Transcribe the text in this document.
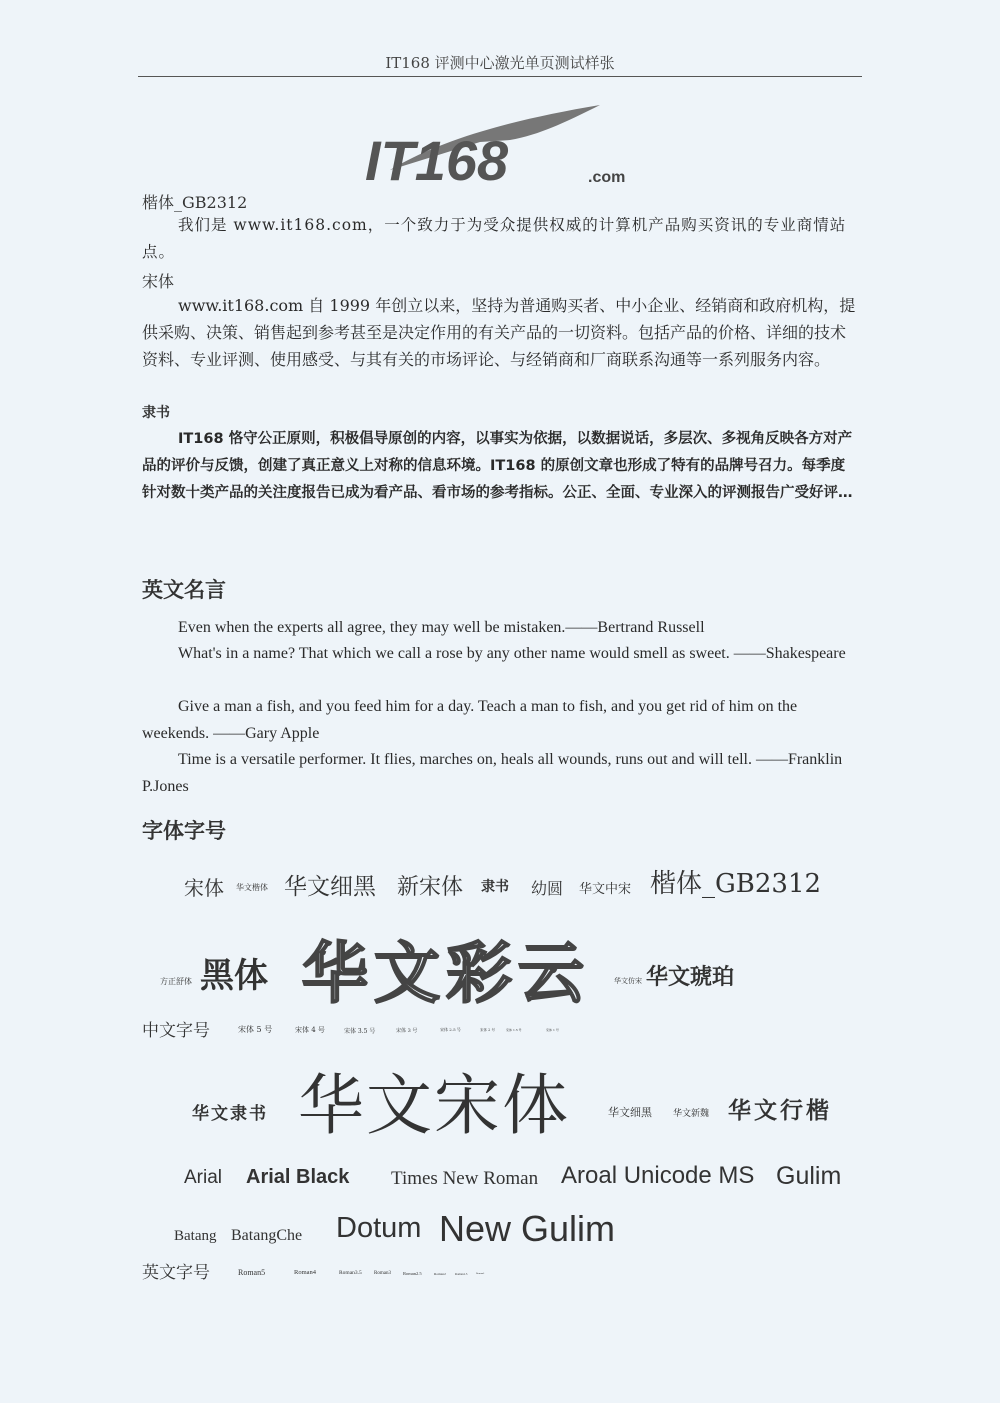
IT168 评测中心激光单页测试样张
IT168	.com
楷体_GB2312
我们是 www.it168.com，一个致力于为受众提供权威的计算机产品购买资讯的专业商情站点。
宋体
www.it168.com 自 1999 年创立以来，坚持为普通购买者、中小企业、经销商和政府机构，提供采购、决策、销售起到参考甚至是决定作用的有关产品的一切资料。包括产品的价格、详细的技术资料、专业评测、使用感受、与其有关的市场评论、与经销商和厂商联系沟通等一系列服务内容。
隶书
IT168 恪守公正原则，积极倡导原创的内容，以事实为依据，以数据说话，多层次、多视角反映各方对产品的评价与反馈，创建了真正意义上对称的信息环境。IT168 的原创文章也形成了特有的品牌号召力。每季度针对数十类产品的关注度报告已成为看产品、看市场的参考指标。公正、全面、专业深入的评测报告广受好评…
英文名言
Even when the experts all agree, they may well be mistaken.——Bertrand Russell
What's in a name? That which we call a rose by any other name would smell as sweet. ——Shakespeare
Give a man a fish, and you feed him for a day. Teach a man to fish, and you get rid of him on the weekends. ——Gary Apple
Time is a versatile performer. It flies, marches on, heals all wounds, runs out and will tell. ——Franklin P.Jones
字体字号
宋体 华文楷体 华文细黑 新宋体 隶书 幼圆 华文中宋 楷体_GB2312
方正舒体 黑体 华文彩云	华文仿宋 华文琥珀
中文字号	宋体 5 号	宋体 4 号	宋体 3.5 号	宋体 3 号	宋体 2.5 号	宋体 2 号	宋体 1.5 号	宋体 1 号
华文隶书 华文宋体	华文细黑 华文新魏 华文行楷
Arial Arial Black Times New Roman Aroal Unicode MS Gulim
Batang BatangChe Dotum New Gulim
英文字号	Roman5	Roman4	Roman3.5 Roman3	Roman2.5	Roman2	Roman1.5	Roman1
